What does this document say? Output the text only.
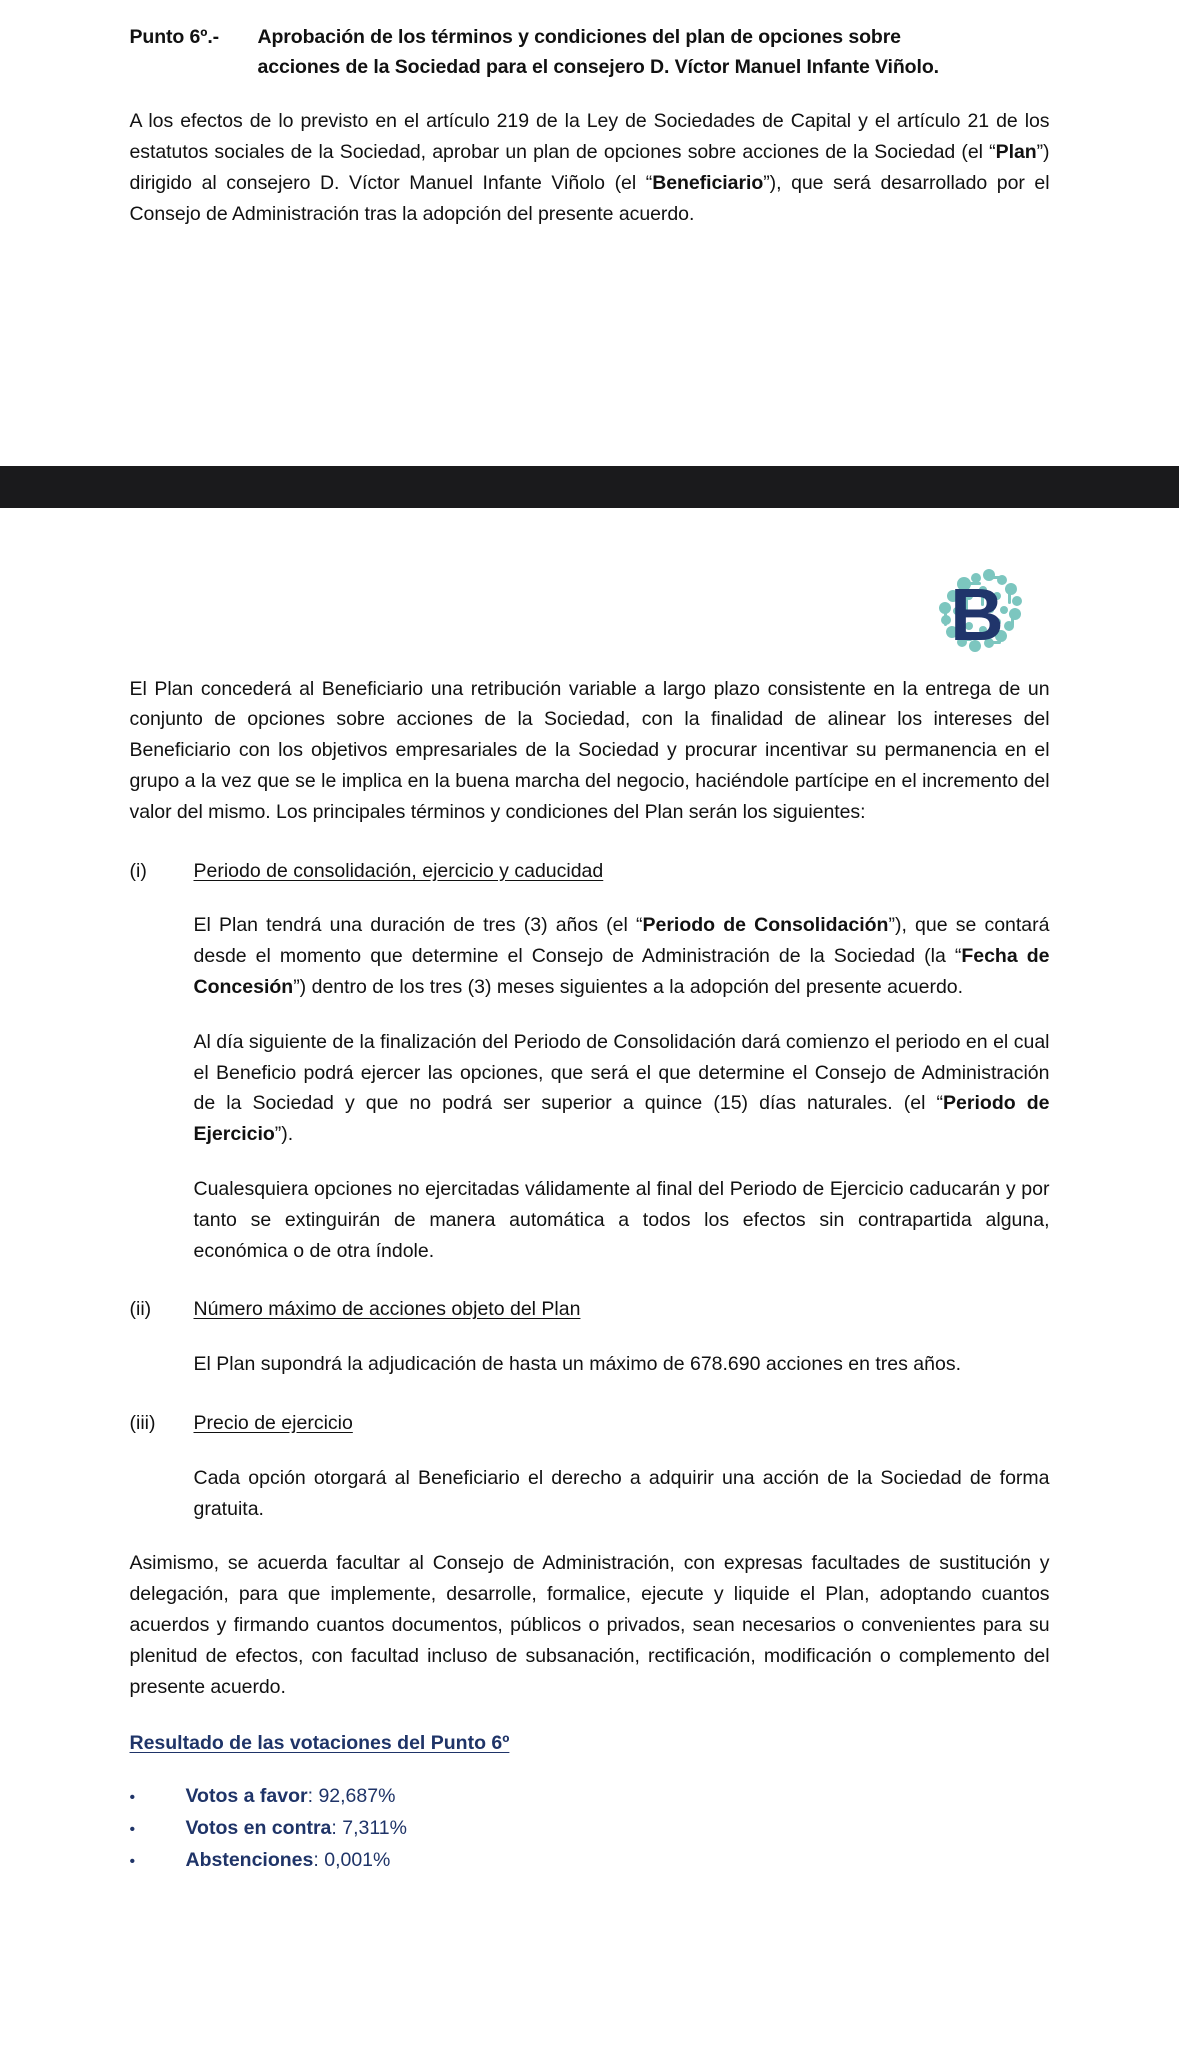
Punto 6º.-	Aprobación de los términos y condiciones del plan de opciones sobre
acciones de la Sociedad para el consejero D. Víctor Manuel Infante Viñolo.

A los efectos de lo previsto en el artículo 219 de la Ley de Sociedades de Capital y el artículo 21 de los estatutos sociales de la Sociedad, aprobar un plan de opciones sobre acciones de la Sociedad (el “Plan”) dirigido al consejero D. Víctor Manuel Infante Viñolo (el “Beneficiario”), que será desarrollado por el Consejo de Administración tras la adopción del presente acuerdo.

B

El Plan concederá al Beneficiario una retribución variable a largo plazo consistente en la entrega de un conjunto de opciones sobre acciones de la Sociedad, con la finalidad de alinear los intereses del Beneficiario con los objetivos empresariales de la Sociedad y procurar incentivar su permanencia en el grupo a la vez que se le implica en la buena marcha del negocio, haciéndole partícipe en el incremento del valor del mismo. Los principales términos y condiciones del Plan serán los siguientes:

(i)	Periodo de consolidación, ejercicio y caducidad

El Plan tendrá una duración de tres (3) años (el “Periodo de Consolidación”), que se contará desde el momento que determine el Consejo de Administración de la Sociedad (la “Fecha de Concesión”) dentro de los tres (3) meses siguientes a la adopción del presente acuerdo.

Al día siguiente de la finalización del Periodo de Consolidación dará comienzo el periodo en el cual el Beneficio podrá ejercer las opciones, que será el que determine el Consejo de Administración de la Sociedad y que no podrá ser superior a quince (15) días naturales. (el “Periodo de Ejercicio”).

Cualesquiera opciones no ejercitadas válidamente al final del Periodo de Ejercicio caducarán y por tanto se extinguirán de manera automática a todos los efectos sin contrapartida alguna, económica o de otra índole.

(ii)	Número máximo de acciones objeto del Plan

El Plan supondrá la adjudicación de hasta un máximo de 678.690 acciones en tres años.

(iii)	Precio de ejercicio

Cada opción otorgará al Beneficiario el derecho a adquirir una acción de la Sociedad de forma gratuita.

Asimismo, se acuerda facultar al Consejo de Administración, con expresas facultades de sustitución y delegación, para que implemente, desarrolle, formalice, ejecute y liquide el Plan, adoptando cuantos acuerdos y firmando cuantos documentos, públicos o privados, sean necesarios o convenientes para su plenitud de efectos, con facultad incluso de subsanación, rectificación, modificación o complemento del presente acuerdo.

Resultado de las votaciones del Punto 6º
•	Votos a favor: 92,687%
•	Votos en contra: 7,311%
•	Abstenciones: 0,001%
